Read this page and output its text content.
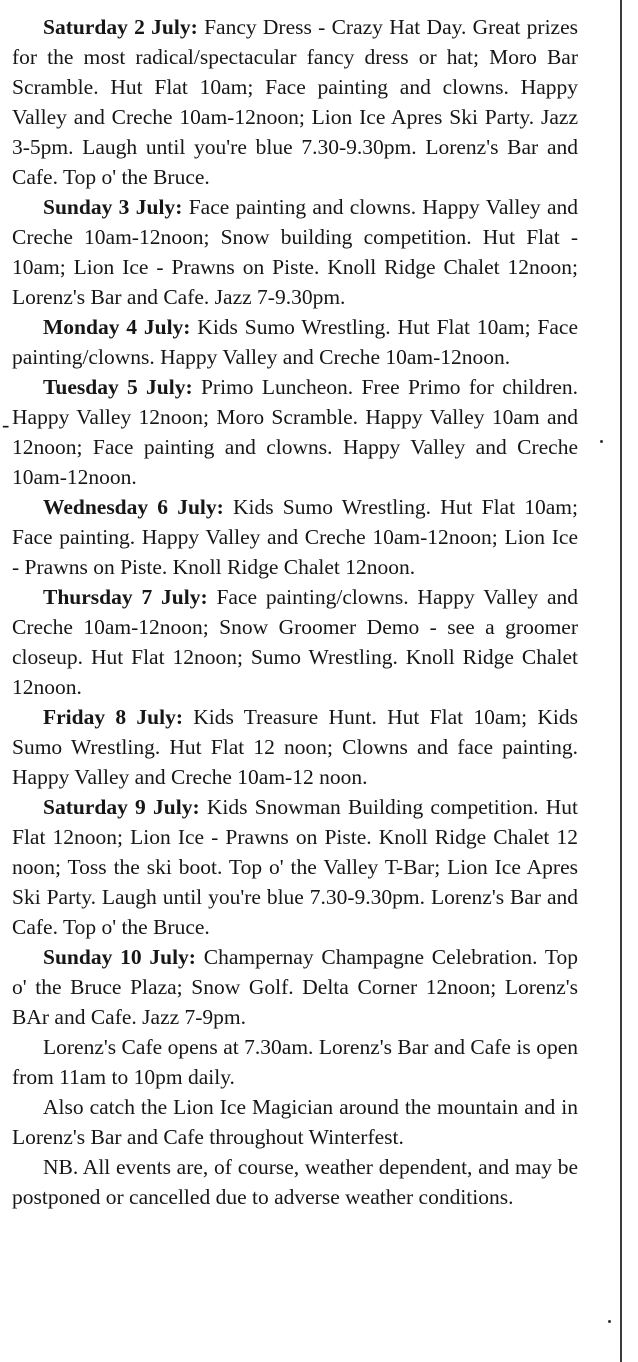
-

Saturday 2 July: Fancy Dress - Crazy Hat Day. Great prizes for the most radical/spectacular fancy dress or hat; Moro Bar Scramble. Hut Flat 10am; Face painting and clowns. Happy Valley and Creche 10am-12noon; Lion Ice Apres Ski Party. Jazz 3-5pm. Laugh until you're blue 7.30-9.30pm. Lorenz's Bar and Cafe. Top o' the Bruce.

Sunday 3 July: Face painting and clowns. Happy Valley and Creche 10am-12noon; Snow building competition. Hut Flat - 10am; Lion Ice - Prawns on Piste. Knoll Ridge Chalet 12noon; Lorenz's Bar and Cafe. Jazz 7-9.30pm.

Monday 4 July: Kids Sumo Wrestling. Hut Flat 10am; Face painting/clowns. Happy Valley and Creche 10am-12noon.

Tuesday 5 July: Primo Luncheon. Free Primo for children. Happy Valley 12noon; Moro Scramble. Happy Valley 10am and 12noon; Face painting and clowns. Happy Valley and Creche 10am-12noon.

Wednesday 6 July: Kids Sumo Wrestling. Hut Flat 10am; Face painting. Happy Valley and Creche 10am-12noon; Lion Ice - Prawns on Piste. Knoll Ridge Chalet 12noon.

Thursday 7 July: Face painting/clowns. Happy Valley and Creche 10am-12noon; Snow Groomer Demo - see a groomer closeup. Hut Flat 12noon; Sumo Wrestling. Knoll Ridge Chalet 12noon.

Friday 8 July: Kids Treasure Hunt. Hut Flat 10am; Kids Sumo Wrestling. Hut Flat 12 noon; Clowns and face painting. Happy Valley and Creche 10am-12 noon.

Saturday 9 July: Kids Snowman Building competition. Hut Flat 12noon; Lion Ice - Prawns on Piste. Knoll Ridge Chalet 12 noon; Toss the ski boot. Top o' the Valley T-Bar; Lion Ice Apres Ski Party. Laugh until you're blue 7.30-9.30pm. Lorenz's Bar and Cafe. Top o' the Bruce.

Sunday 10 July: Champernay Champagne Celebration. Top o' the Bruce Plaza; Snow Golf. Delta Corner 12noon; Lorenz's BAr and Cafe. Jazz 7-9pm.

Lorenz's Cafe opens at 7.30am. Lorenz's Bar and Cafe is open from 11am to 10pm daily.

Also catch the Lion Ice Magician around the mountain and in Lorenz's Bar and Cafe throughout Winterfest.

NB. All events are, of course, weather dependent, and may be postponed or cancelled due to adverse weather conditions.
